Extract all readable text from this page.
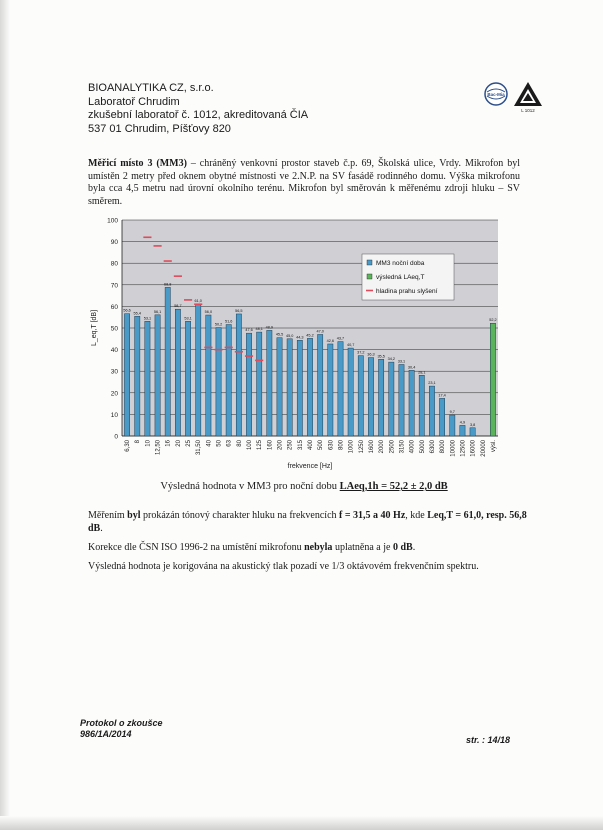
BIOANALYTIKA CZ, s.r.o.
Laboratoř Chrudim
zkušební laboratoř č. 1012, akreditovaná ČIA
537 01 Chrudim, Píšťovy 820
Bac-Mia
L 1012
Měřicí místo 3 (MM3) – chráněný venkovní prostor staveb č.p. 69, Školská ulice, Vrdy. Mikrofon byl umístěn 2 metry před oknem obytné místnosti ve 2.N.P. na SV fasádě rodinného domu. Výška mikrofonu byla cca 4,5 metru nad úrovní okolního terénu. Mikrofon byl směrován k měřenému zdroji hluku – SV směrem.
0
10
20
30
40
50
60
70
80
90
100
L_eq,T [dB]	56,6
55,4
53,1
56,1
68,8
58,7
53,1
61,0
56,0
50,2
51,6
56,5
47,6 48,1 48,9
45,5 45,0 44,3 45,2
47,0
42,6
43,7
40,7
37,2 36,3 35,5
34,2
33,1
30,4
28,1
23,1
17,4
9,7
4,9
3,8
52,2
6,30 8 10 12,50 16 20 25 31,50 40 50 63 80 100 125 160 200 250 315 400 500 630 800 1000 1250 1600 2000 2500 3150 4000 5000 6300 8000 10000 12500 16000 20000 výsl.
frekvence [Hz]
MM3 noční doba
výsledná LAeq,T
hladina prahu slyšení
Výsledná hodnota v MM3 pro noční dobu LAeq,1h = 52,2 ± 2,0 dB
Měřením byl prokázán tónový charakter hluku na frekvencích f = 31,5 a 40 Hz, kde Leq,T = 61,0, resp. 56,8 dB.
Korekce dle ČSN ISO 1996-2 na umístění mikrofonu nebyla uplatněna a je 0 dB.
Výsledná hodnota je korigována na akustický tlak pozadí ve 1/3 oktávovém frekvenčním spektru.
Protokol o zkoušce
986/1A/2014
str. : 14/18
